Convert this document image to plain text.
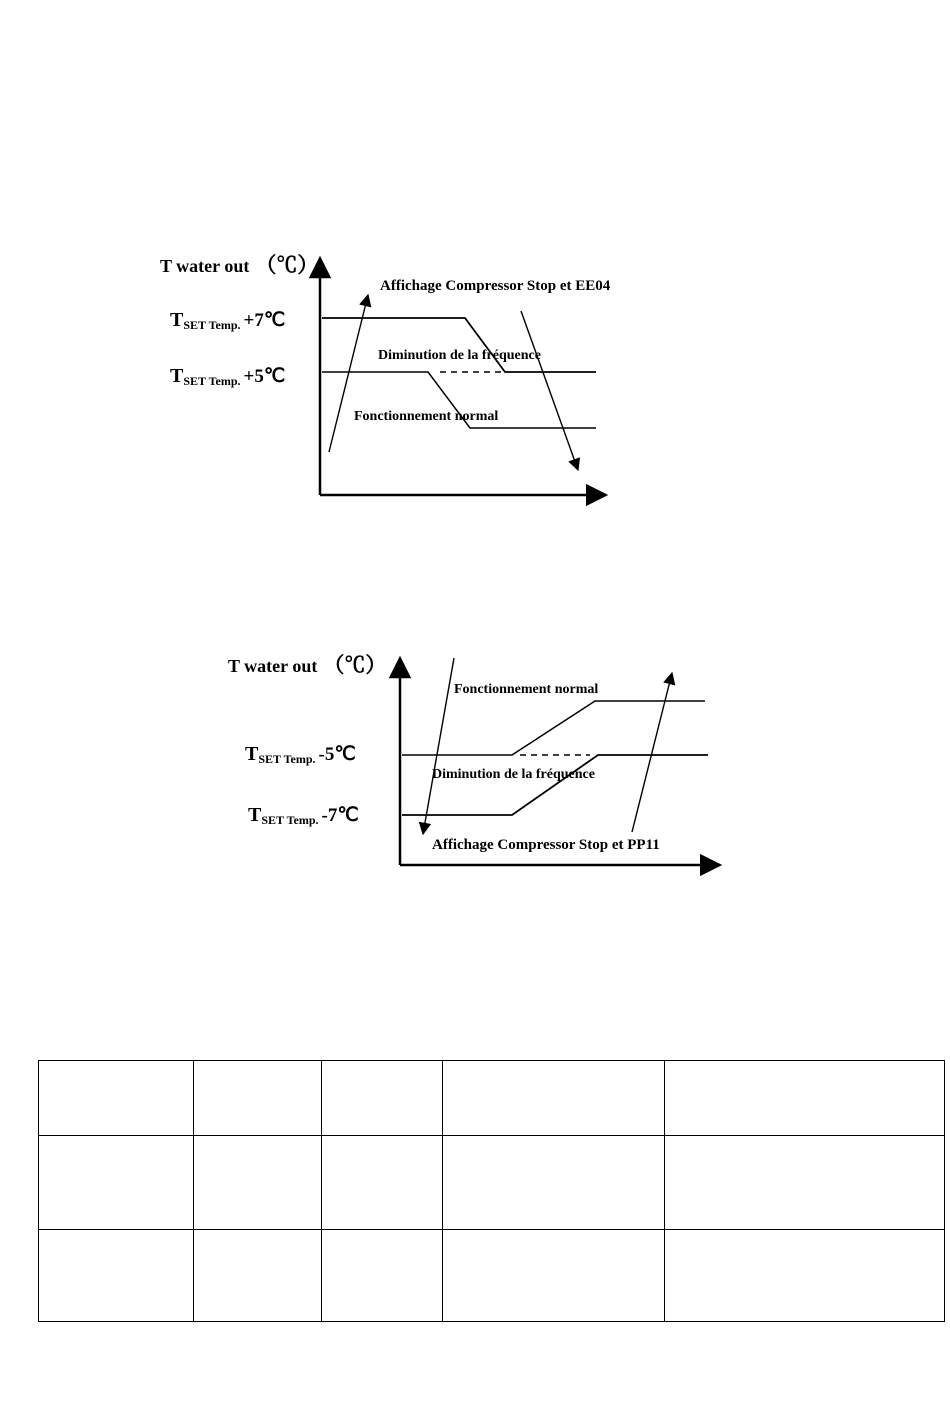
T water out （℃）
TSET Temp. +7℃
TSET Temp. +5℃
Affichage Compressor Stop et EE04
Diminution de la fréquence
Fonctionnement normal
T water out （℃）
TSET Temp. -5℃
TSET Temp. -7℃
Fonctionnement normal
Diminution de la fréquence
Affichage Compressor Stop et PP11
